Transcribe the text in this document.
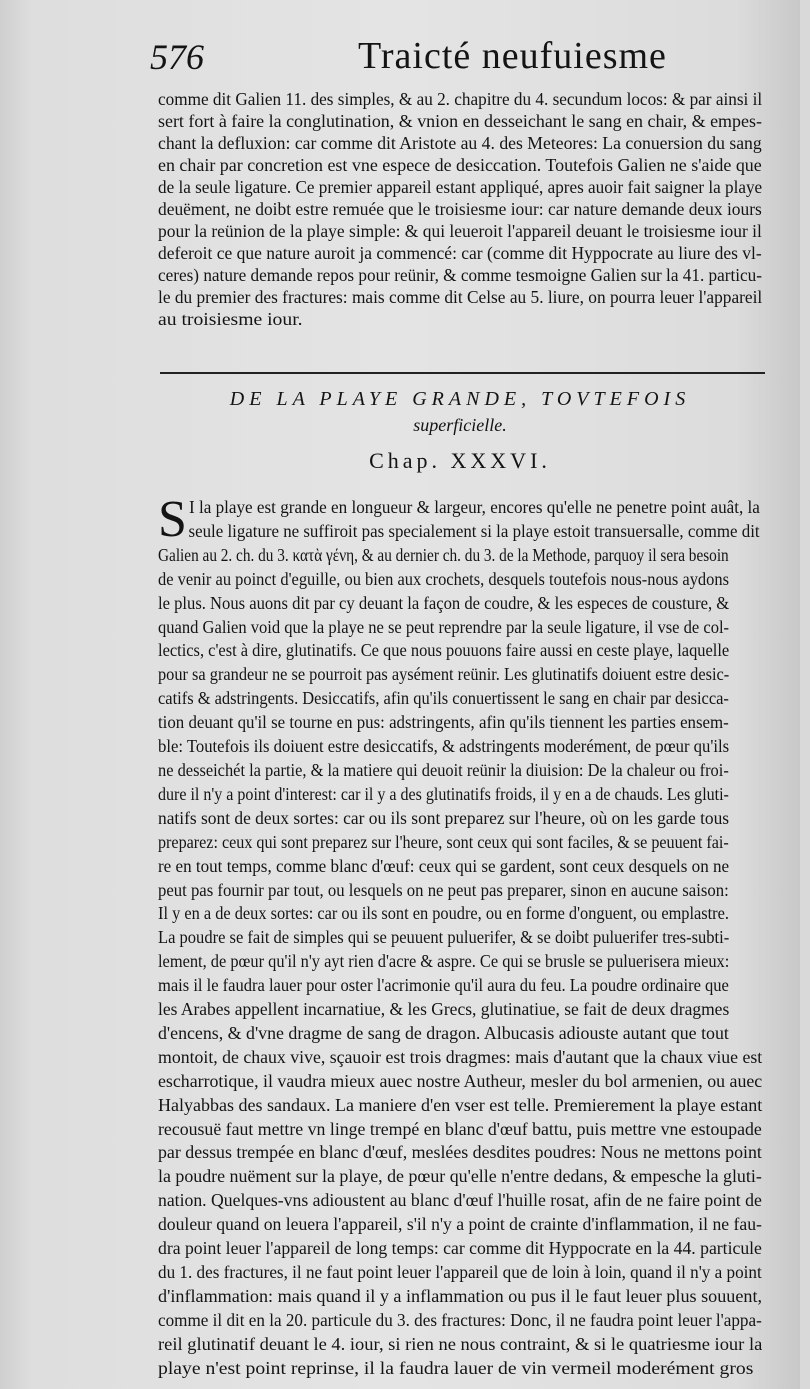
576	Traicté neufuiesme
comme dit Galien 11. des simples, & au 2. chapitre du 4. secundum locos: & par ainsi il
sert fort à faire la conglutination, & vnion en desseichant le sang en chair, & empes-
chant la defluxion: car comme dit Aristote au 4. des Meteores: La conuersion du sang
en chair par concretion est vne espece de desiccation. Toutefois Galien ne s'aide que
de la seule ligature. Ce premier appareil estant appliqué, apres auoir fait saigner la playe
deuëment, ne doibt estre remuée que le troisiesme iour: car nature demande deux iours
pour la reünion de la playe simple: & qui leueroit l'appareil deuant le troisiesme iour il
deferoit ce que nature auroit ja commencé: car (comme dit Hyppocrate au liure des vl-
ceres) nature demande repos pour reünir, & comme tesmoigne Galien sur la 41. particu-
le du premier des fractures: mais comme dit Celse au 5. liure, on pourra leuer l'appareil
au troisiesme iour.
DE LA PLAYE GRANDE, TOVTEFOIS
superficielle.
Chap. XXXVI.
S I la playe est grande en longueur & largeur, encores qu'elle ne penetre point auât, la
seule ligature ne suffiroit pas specialement si la playe estoit transuersalle, comme dit
Galien au 2. ch. du 3. κατὰ γένη, & au dernier ch. du 3. de la Methode, parquoy il sera besoin
de venir au poinct d'eguille, ou bien aux crochets, desquels toutefois nous-nous aydons
le plus. Nous auons dit par cy deuant la façon de coudre, & les especes de cousture, &
quand Galien void que la playe ne se peut reprendre par la seule ligature, il vse de col-
lectics, c'est à dire, glutinatifs. Ce que nous pouuons faire aussi en ceste playe, laquelle
pour sa grandeur ne se pourroit pas aysément reünir. Les glutinatifs doiuent estre desic-
catifs & adstringents. Desiccatifs, afin qu'ils conuertissent le sang en chair par desicca-
tion deuant qu'il se tourne en pus: adstringents, afin qu'ils tiennent les parties ensem-
ble: Toutefois ils doiuent estre desiccatifs, & adstringents moderément, de pœur qu'ils
ne desseichét la partie, & la matiere qui deuoit reünir la diuision: De la chaleur ou froi-
dure il n'y a point d'interest: car il y a des glutinatifs froids, il y en a de chauds. Les gluti-
natifs sont de deux sortes: car ou ils sont preparez sur l'heure, où on les garde tous
preparez: ceux qui sont preparez sur l'heure, sont ceux qui sont faciles, & se peuuent fai-
re en tout temps, comme blanc d'œuf: ceux qui se gardent, sont ceux desquels on ne
peut pas fournir par tout, ou lesquels on ne peut pas preparer, sinon en aucune saison:
Il y en a de deux sortes: car ou ils sont en poudre, ou en forme d'onguent, ou emplastre.
La poudre se fait de simples qui se peuuent puluerifer, & se doibt puluerifer tres-subti-
lement, de pœur qu'il n'y ayt rien d'acre & aspre. Ce qui se brusle se puluerisera mieux:
mais il le faudra lauer pour oster l'acrimonie qu'il aura du feu. La poudre ordinaire que
les Arabes appellent incarnatiue, & les Grecs, glutinatiue, se fait de deux dragmes
d'encens, & d'vne dragme de sang de dragon. Albucasis adiouste autant que tout
montoit, de chaux vive, sçauoir est trois dragmes: mais d'autant que la chaux viue est
escharrotique, il vaudra mieux auec nostre Autheur, mesler du bol armenien, ou auec
Halyabbas des sandaux. La maniere d'en vser est telle. Premierement la playe estant
recousuë faut mettre vn linge trempé en blanc d'œuf battu, puis mettre vne estoupade
par dessus trempée en blanc d'œuf, meslées desdites poudres: Nous ne mettons point
la poudre nuëment sur la playe, de pœur qu'elle n'entre dedans, & empesche la gluti-
nation. Quelques-vns adioustent au blanc d'œuf l'huille rosat, afin de ne faire point de
douleur quand on leuera l'appareil, s'il n'y a point de crainte d'inflammation, il ne fau-
dra point leuer l'appareil de long temps: car comme dit Hyppocrate en la 44. particule
du 1. des fractures, il ne faut point leuer l'appareil que de loin à loin, quand il n'y a point
d'inflammation: mais quand il y a inflammation ou pus il le faut leuer plus souuent,
comme il dit en la 20. particule du 3. des fractures: Donc, il ne faudra point leuer l'appa-
reil glutinatif deuant le 4. iour, si rien ne nous contraint, & si le quatriesme iour la
playe n'est point reprinse, il la faudra lauer de vin vermeil moderément gros
